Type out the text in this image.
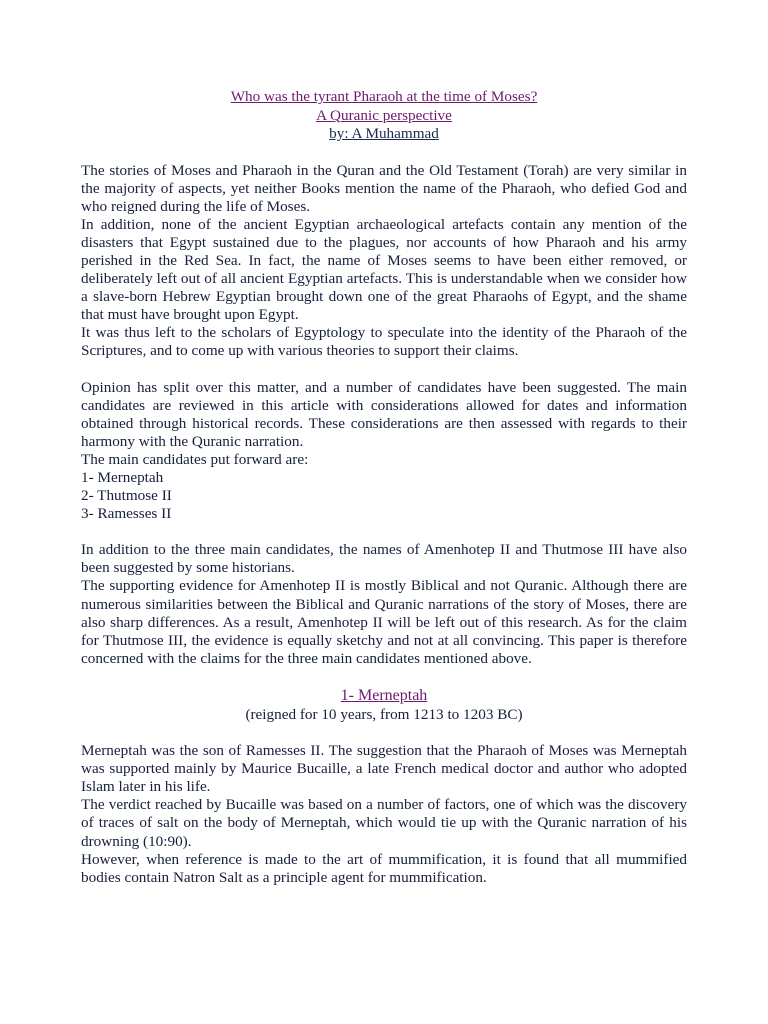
Who was the tyrant Pharaoh at the time of Moses?
A Quranic perspective
by: A Muhammad

The stories of Moses and Pharaoh in the Quran and the Old Testament (Torah) are very similar in the majority of aspects, yet neither Books mention the name of the Pharaoh, who defied God and who reigned during the life of Moses.

In addition, none of the ancient Egyptian archaeological artefacts contain any mention of the disasters that Egypt sustained due to the plagues, nor accounts of how Pharaoh and his army perished in the Red Sea. In fact, the name of Moses seems to have been either removed, or deliberately left out of all ancient Egyptian artefacts. This is understandable when we consider how a slave-born Hebrew Egyptian brought down one of the great Pharaohs of Egypt, and the shame that must have brought upon Egypt.

It was thus left to the scholars of Egyptology to speculate into the identity of the Pharaoh of the Scriptures, and to come up with various theories to support their claims.

Opinion has split over this matter, and a number of candidates have been suggested. The main candidates are reviewed in this article with considerations allowed for dates and information obtained through historical records. These considerations are then assessed with regards to their harmony with the Quranic narration.

The main candidates put forward are:

1- Merneptah

2- Thutmose II

3- Ramesses II

In addition to the three main candidates, the names of Amenhotep II and Thutmose III have also been suggested by some historians.

The supporting evidence for Amenhotep II is mostly Biblical and not Quranic. Although there are numerous similarities between the Biblical and Quranic narrations of the story of Moses, there are also sharp differences. As a result, Amenhotep II will be left out of this research. As for the claim for Thutmose III, the evidence is equally sketchy and not at all convincing. This paper is therefore concerned with the claims for the three main candidates mentioned above.

1- Merneptah

(reigned for 10 years, from 1213 to 1203 BC)

Merneptah was the son of Ramesses II. The suggestion that the Pharaoh of Moses was Merneptah was supported mainly by Maurice Bucaille, a late French medical doctor and author who adopted Islam later in his life.

The verdict reached by Bucaille was based on a number of factors, one of which was the discovery of traces of salt on the body of Merneptah, which would tie up with the Quranic narration of his drowning (10:90).

However, when reference is made to the art of mummification, it is found that all mummified bodies contain Natron Salt as a principle agent for mummification.
